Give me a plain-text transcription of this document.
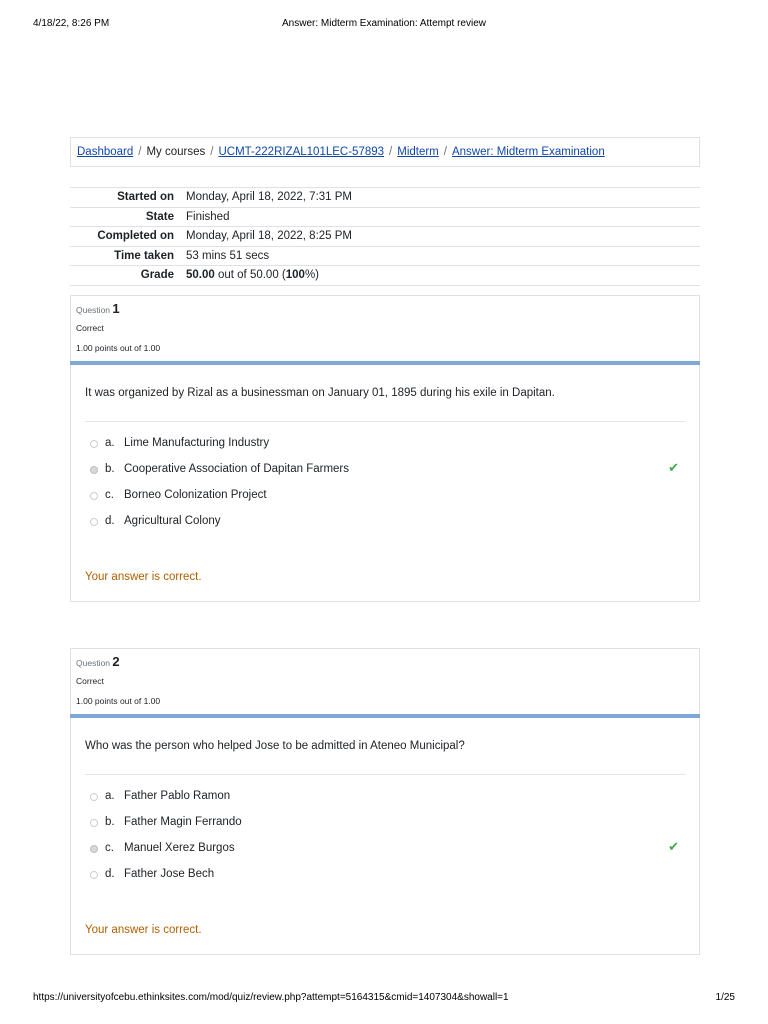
4/18/22, 8:26 PM	Answer: Midterm Examination: Attempt review
Dashboard / My courses / UCMT-222RIZAL101LEC-57893 / Midterm / Answer: Midterm Examination
Started on	Monday, April 18, 2022, 7:31 PM
State	Finished
Completed on	Monday, April 18, 2022, 8:25 PM
Time taken	53 mins 51 secs
Grade	50.00 out of 50.00 (100%)
Question 1
Correct
1.00 points out of 1.00
It was organized by Rizal as a businessman on January 01, 1895 during his exile in Dapitan.
a. Lime Manufacturing Industry
b. Cooperative Association of Dapitan Farmers	✔
c. Borneo Colonization Project
d. Agricultural Colony
Your answer is correct.
Question 2
Correct
1.00 points out of 1.00
Who was the person who helped Jose to be admitted in Ateneo Municipal?
a. Father Pablo Ramon
b. Father Magin Ferrando
c. Manuel Xerez Burgos	✔
d. Father Jose Bech
Your answer is correct.
https://universityofcebu.ethinksites.com/mod/quiz/review.php?attempt=5164315&cmid=1407304&showall=1	1/25
